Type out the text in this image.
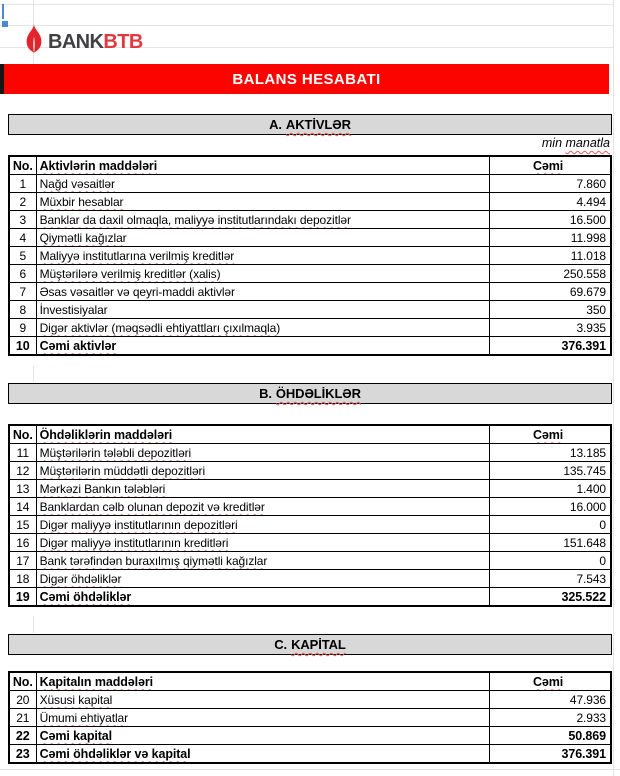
BANKBTB
BALANS HESABATI
A. AKTİVLƏR
min manatla
No.	Aktivlərin maddələri	Cəmi
1	Nağd vəsaitlər	7.860
2	Müxbir hesablar	4.494
3	Banklar da daxil olmaqla, maliyyə institutlarındakı depozitlər	16.500
4	Qiymətli kağızlar	11.998
5	Maliyyə institutlarına verilmiş kreditlər	11.018
6	Müştərilərə verilmiş kreditlər (xalis)	250.558
7	Əsas vəsaitlər və qeyri-maddi aktivlər	69.679
8	İnvestisiyalar	350
9	Digər aktivlər (məqsədli ehtiyattları çıxılmaqla)	3.935
10	Cəmi aktivlər	376.391
B. ÖHDƏLİKLƏR
No.	Öhdəliklərin maddələri	Cəmi
11	Müştərilərin tələbli depozitləri	13.185
12	Müştərilərin müddətli depozitləri	135.745
13	Mərkəzi Bankın tələbləri	1.400
14	Banklardan cəlb olunan depozit və kreditlər	16.000
15	Digər maliyyə institutlarının depozitləri	0
16	Digər maliyyə institutlarının kreditləri	151.648
17	Bank tərəfindən buraxılmış qiymətli kağızlar	0
18	Digər öhdəliklər	7.543
19	Cəmi öhdəliklər	325.522
C. KAPİTAL
No.	Kapitalın maddələri	Cəmi
20	Xüsusi kapital	47.936
21	Ümumi ehtiyatlar	2.933
22	Cəmi kapital	50.869
23	Cəmi öhdəliklər və kapital	376.391
